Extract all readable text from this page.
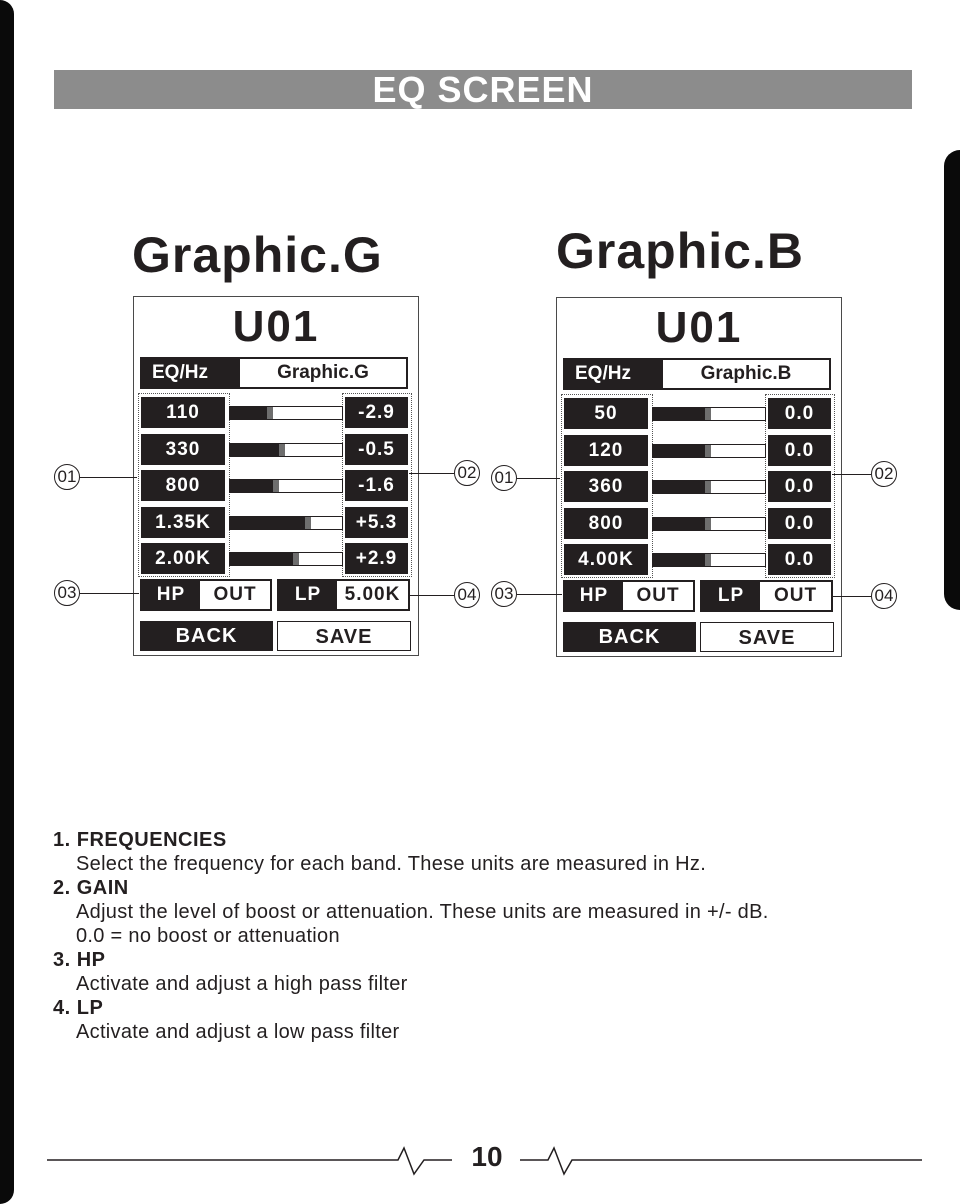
EQ SCREEN
Graphic.G
U01
EQ/Hz	Graphic.G
110	-2.9
330	-0.5
800	-1.6
1.35K	+5.3
2.00K	+2.9
HP	OUT	LP	5.00K
BACK	SAVE
01	02
03	04
Graphic.B
U01
EQ/Hz	Graphic.B
50	0.0
120	0.0
360	0.0
800	0.0
4.00K	0.0
HP	OUT	LP	OUT
BACK	SAVE
01	02
03	04
1. FREQUENCIES
Select the frequency for each band. These units are measured in Hz.
2. GAIN
Adjust the level of boost or attenuation. These units are measured in +/- dB.
0.0 = no boost or attenuation
3. HP
Activate and adjust a high pass filter
4. LP
Activate and adjust a low pass filter
10
